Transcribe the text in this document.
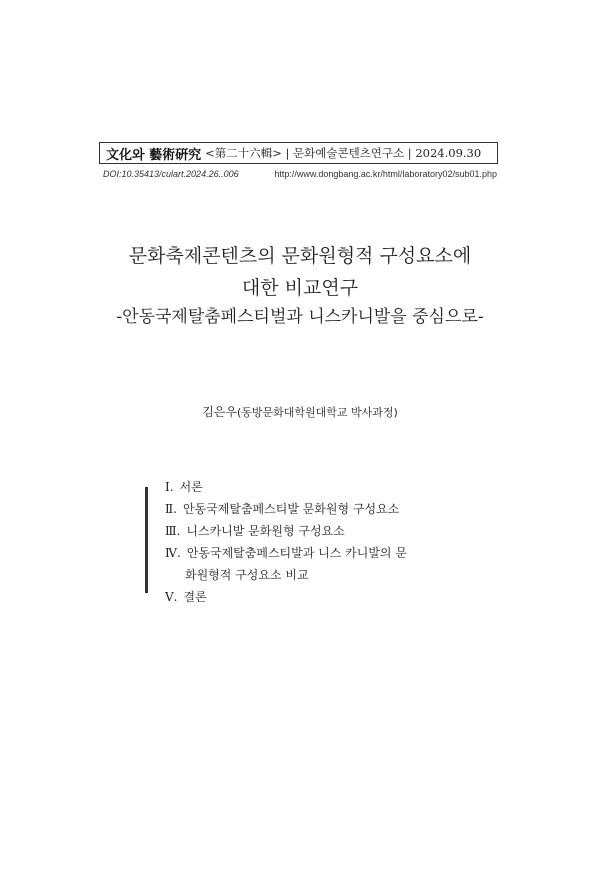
文化와 藝術硏究 <第二十六輯> | 문화예술콘텐츠연구소 | 2024.09.30
DOI:10.35413/culart.2024.26..006	http://www.dongbang.ac.kr/html/laboratory02/sub01.php
문화축제콘텐츠의 문화원형적 구성요소에
대한 비교연구
-안동국제탈춤페스티벌과 니스카니발을 중심으로-
김은우(동방문화대학원대학교 박사과정)
Ⅰ. 서론
Ⅱ. 안동국제탈춤페스티발 문화원형 구성요소
Ⅲ. 니스카니발 문화원형 구성요소
Ⅳ. 안동국제탈춤페스티발과 니스 카니발의 문
화원형적 구성요소 비교
Ⅴ. 결론
